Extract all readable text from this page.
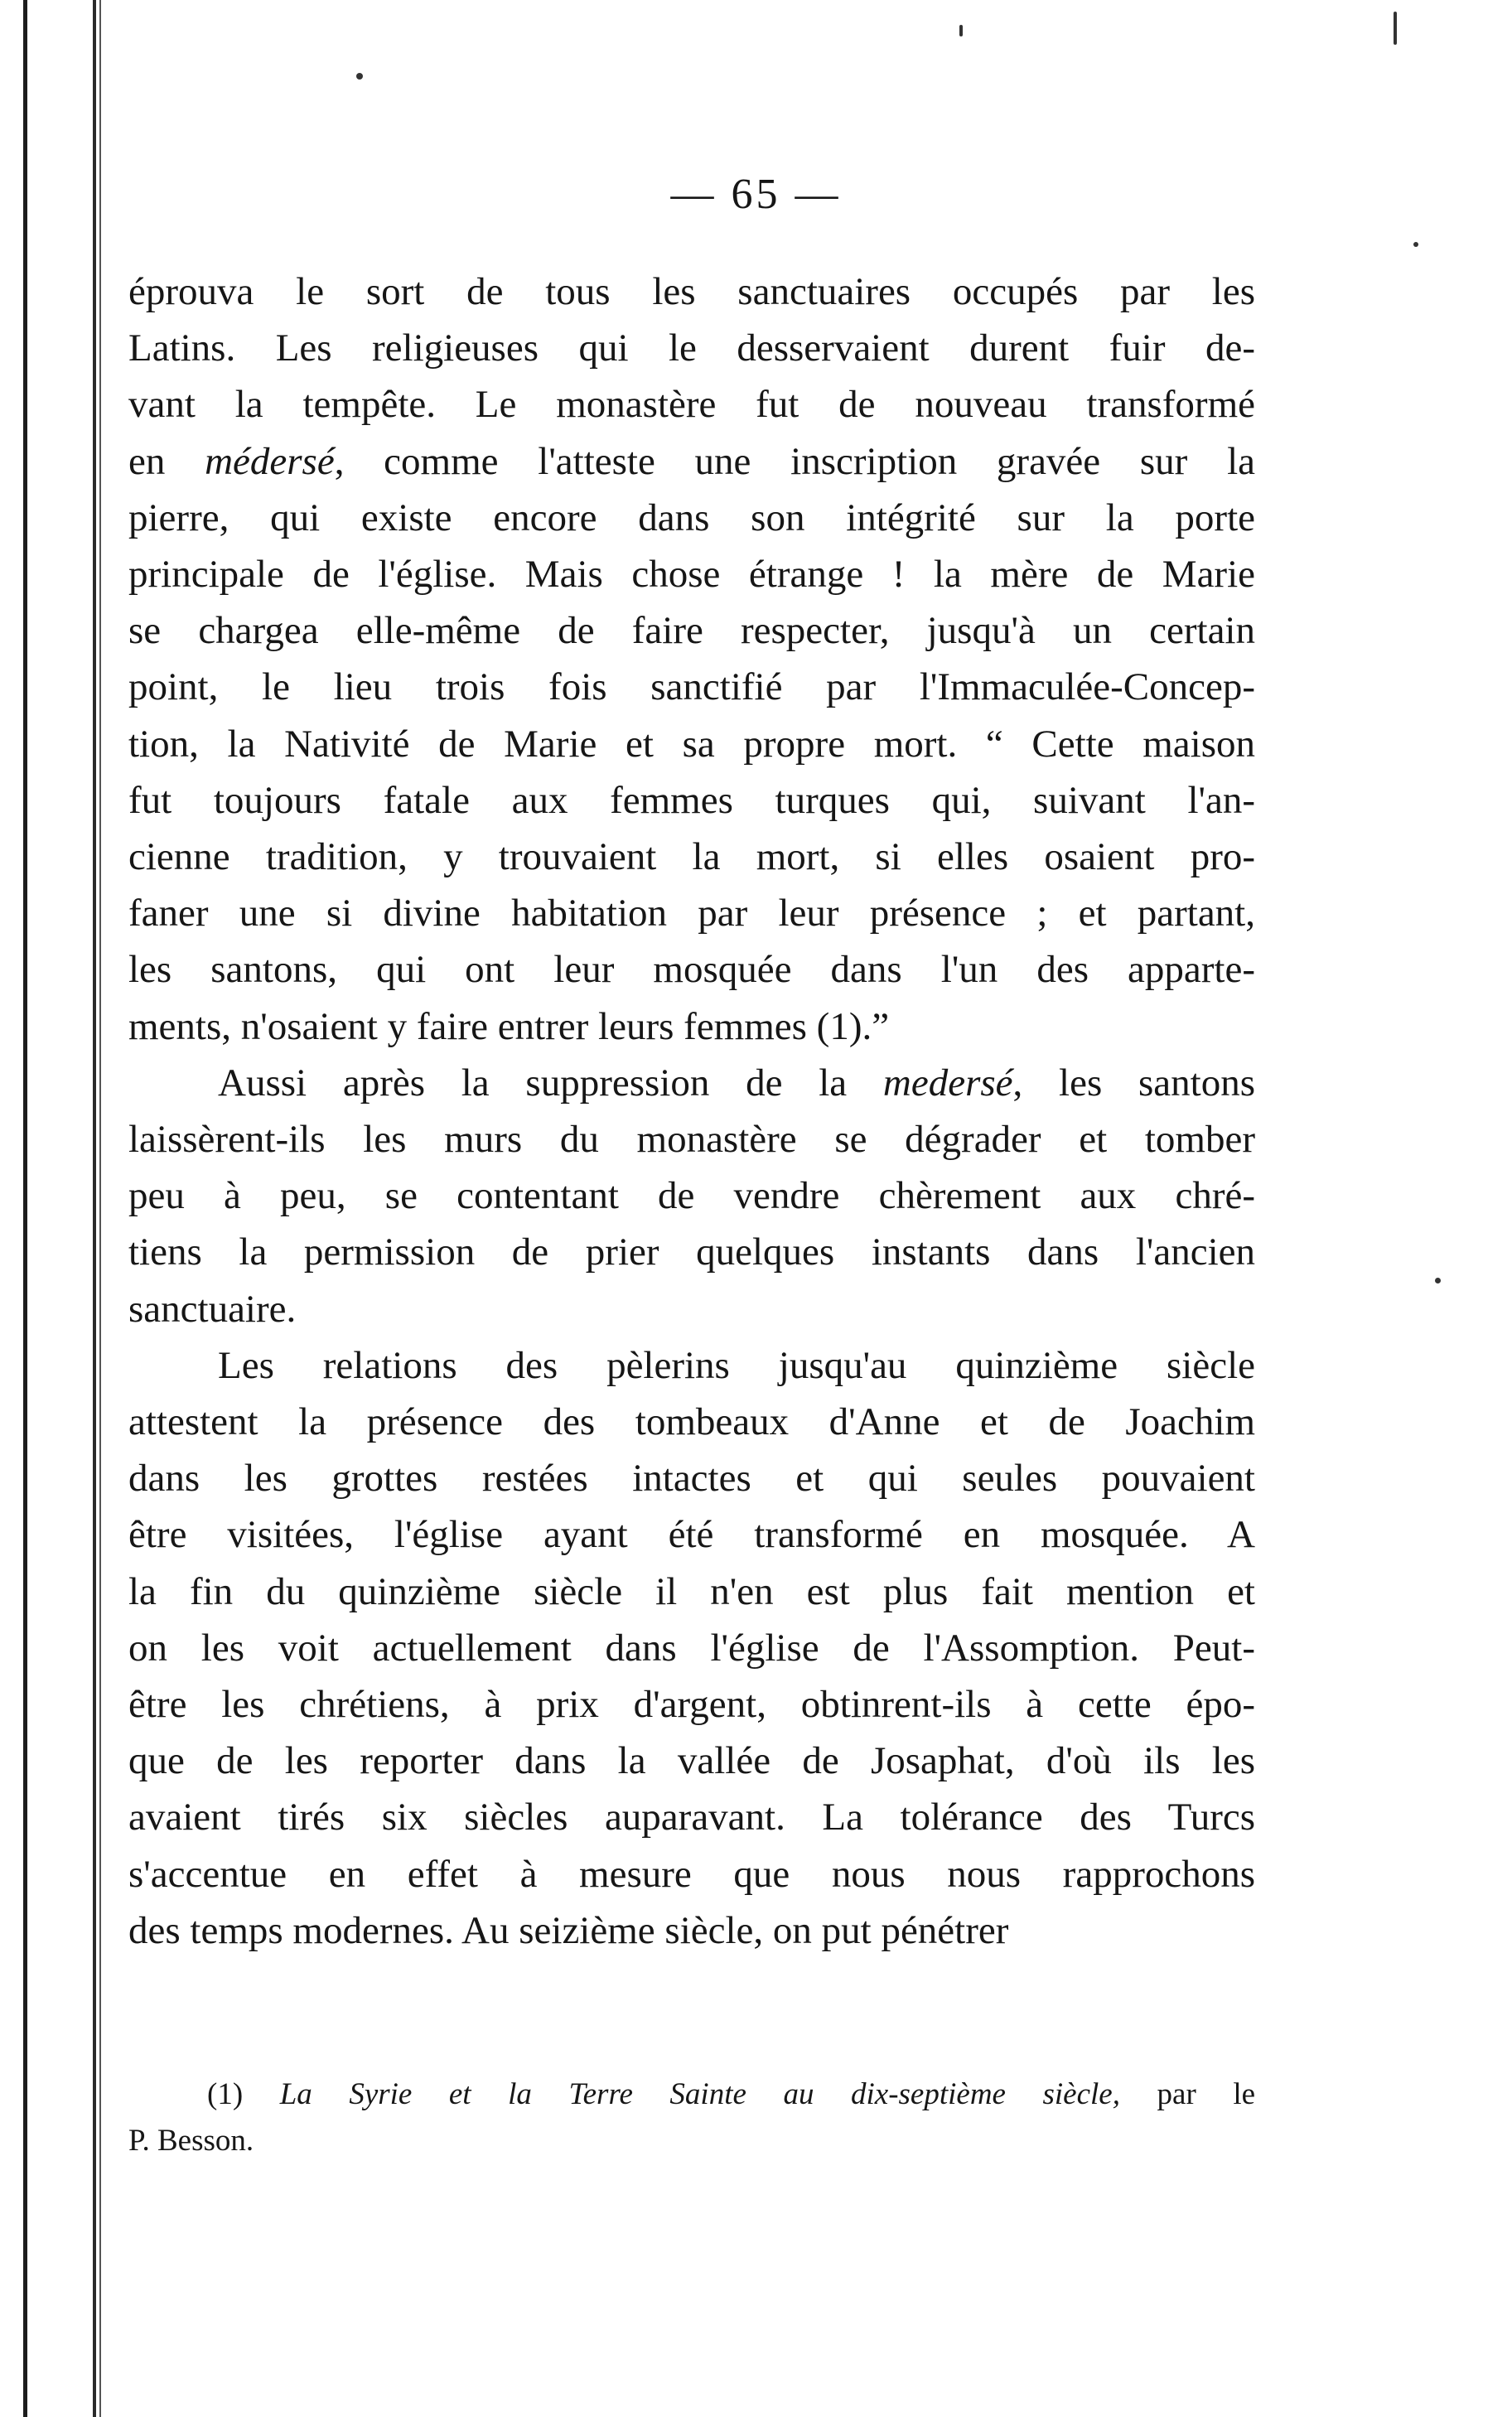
— 65 —
éprouva le sort de tous les sanctuaires occupés par les
Latins. Les religieuses qui le desservaient durent fuir de-
vant la tempête. Le monastère fut de nouveau transformé
en médersé, comme l'atteste une inscription gravée sur la
pierre, qui existe encore dans son intégrité sur la porte
principale de l'église. Mais chose étrange ! la mère de Marie
se chargea elle-même de faire respecter, jusqu'à un certain
point, le lieu trois fois sanctifié par l'Immaculée-Concep-
tion, la Nativité de Marie et sa propre mort. “ Cette maison
fut toujours fatale aux femmes turques qui, suivant l'an-
cienne tradition, y trouvaient la mort, si elles osaient pro-
faner une si divine habitation par leur présence ; et partant,
les santons, qui ont leur mosquée dans l'un des apparte-
ments, n'osaient y faire entrer leurs femmes (1).”
Aussi après la suppression de la medersé, les santons
laissèrent-ils les murs du monastère se dégrader et tomber
peu à peu, se contentant de vendre chèrement aux chré-
tiens la permission de prier quelques instants dans l'ancien
sanctuaire.
Les relations des pèlerins jusqu'au quinzième siècle
attestent la présence des tombeaux d'Anne et de Joachim
dans les grottes restées intactes et qui seules pouvaient
être visitées, l'église ayant été transformé en mosquée. A
la fin du quinzième siècle il n'en est plus fait mention et
on les voit actuellement dans l'église de l'Assomption. Peut-
être les chrétiens, à prix d'argent, obtinrent-ils à cette épo-
que de les reporter dans la vallée de Josaphat, d'où ils les
avaient tirés six siècles auparavant. La tolérance des Turcs
s'accentue en effet à mesure que nous nous rapprochons
des temps modernes. Au seizième siècle, on put pénétrer
(1) La Syrie et la Terre Sainte au dix-septième siècle, par le
P. Besson.
